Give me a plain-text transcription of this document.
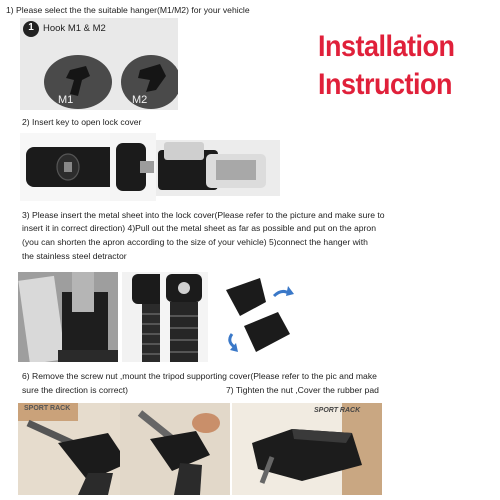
1) Please select the the suitable hanger(M1/M2) for your vehicle
1 Hook M1 & M2
M1	M2
Installation
Instruction
2) Insert key to open lock cover
3) Please insert the metal sheet into the lock cover(Please refer to the picture and make sure to
insert it in correct direction) 4)Pull out the metal sheet as far as possible and put on the apron
(you can shorten the apron according to the size of your vehicle) 5)connect the hanger with
the stainless steel detractor
6) Remove the screw nut ,mount the tripod supporting cover(Please refer to the pic and make
sure the direction is correct)	7) Tighten the nut ,Cover the rubber pad
SPORT RACK	SPORT RACK
